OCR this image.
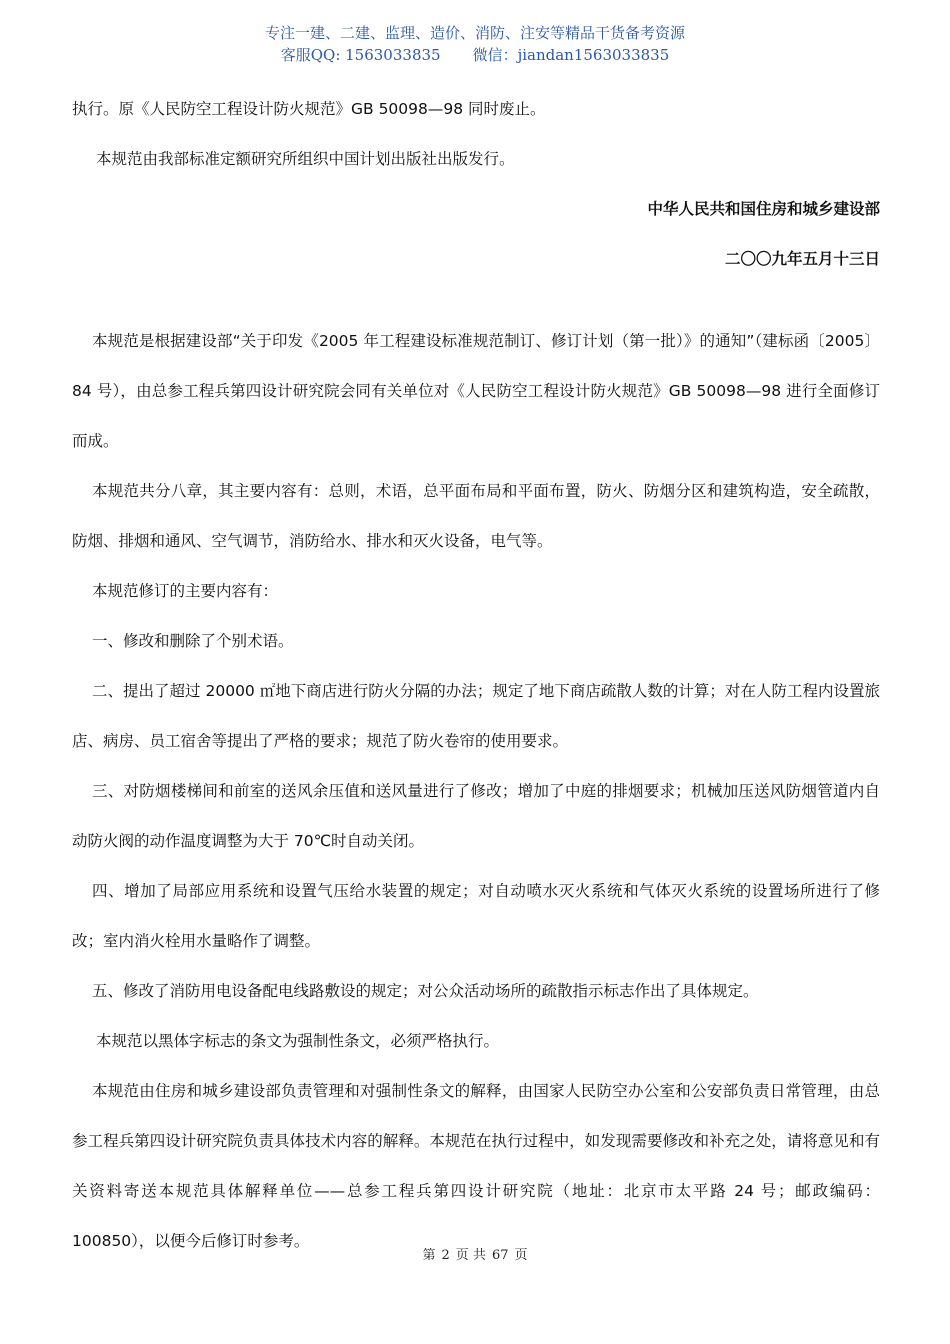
专注一建、二建、监理、造价、消防、注安等精品干货备考资源
客服QQ: 1563033835 微信：jiandan1563033835

执行。原《人民防空工程设计防火规范》GB 50098—98 同时废止。

本规范由我部标准定额研究所组织中国计划出版社出版发行。

中华人民共和国住房和城乡建设部

二〇〇九年五月十三日

本规范是根据建设部“关于印发《2005 年工程建设标准规范制订、修订计划（第一批）》的通知”（建标函〔2005〕84 号），由总参工程兵第四设计研究院会同有关单位对《人民防空工程设计防火规范》GB 50098—98 进行全面修订而成。

本规范共分八章，其主要内容有：总则，术语，总平面布局和平面布置，防火、防烟分区和建筑构造，安全疏散，防烟、排烟和通风、空气调节，消防给水、排水和灭火设备，电气等。

本规范修订的主要内容有：

一、修改和删除了个别术语。

二、提出了超过 20000 ㎡地下商店进行防火分隔的办法；规定了地下商店疏散人数的计算；对在人防工程内设置旅店、病房、员工宿舍等提出了严格的要求；规范了防火卷帘的使用要求。

三、对防烟楼梯间和前室的送风余压值和送风量进行了修改；增加了中庭的排烟要求；机械加压送风防烟管道内自动防火阀的动作温度调整为大于 70℃时自动关闭。

四、增加了局部应用系统和设置气压给水装置的规定；对自动喷水灭火系统和气体灭火系统的设置场所进行了修改；室内消火栓用水量略作了调整。

五、修改了消防用电设备配电线路敷设的规定；对公众活动场所的疏散指示标志作出了具体规定。

本规范以黑体字标志的条文为强制性条文，必须严格执行。

本规范由住房和城乡建设部负责管理和对强制性条文的解释，由国家人民防空办公室和公安部负责日常管理，由总参工程兵第四设计研究院负责具体技术内容的解释。本规范在执行过程中，如发现需要修改和补充之处，请将意见和有关资料寄送本规范具体解释单位——总参工程兵第四设计研究院（地址：北京市太平路 24 号；邮政编码：100850），以便今后修订时参考。

第 2 页 共 67 页
